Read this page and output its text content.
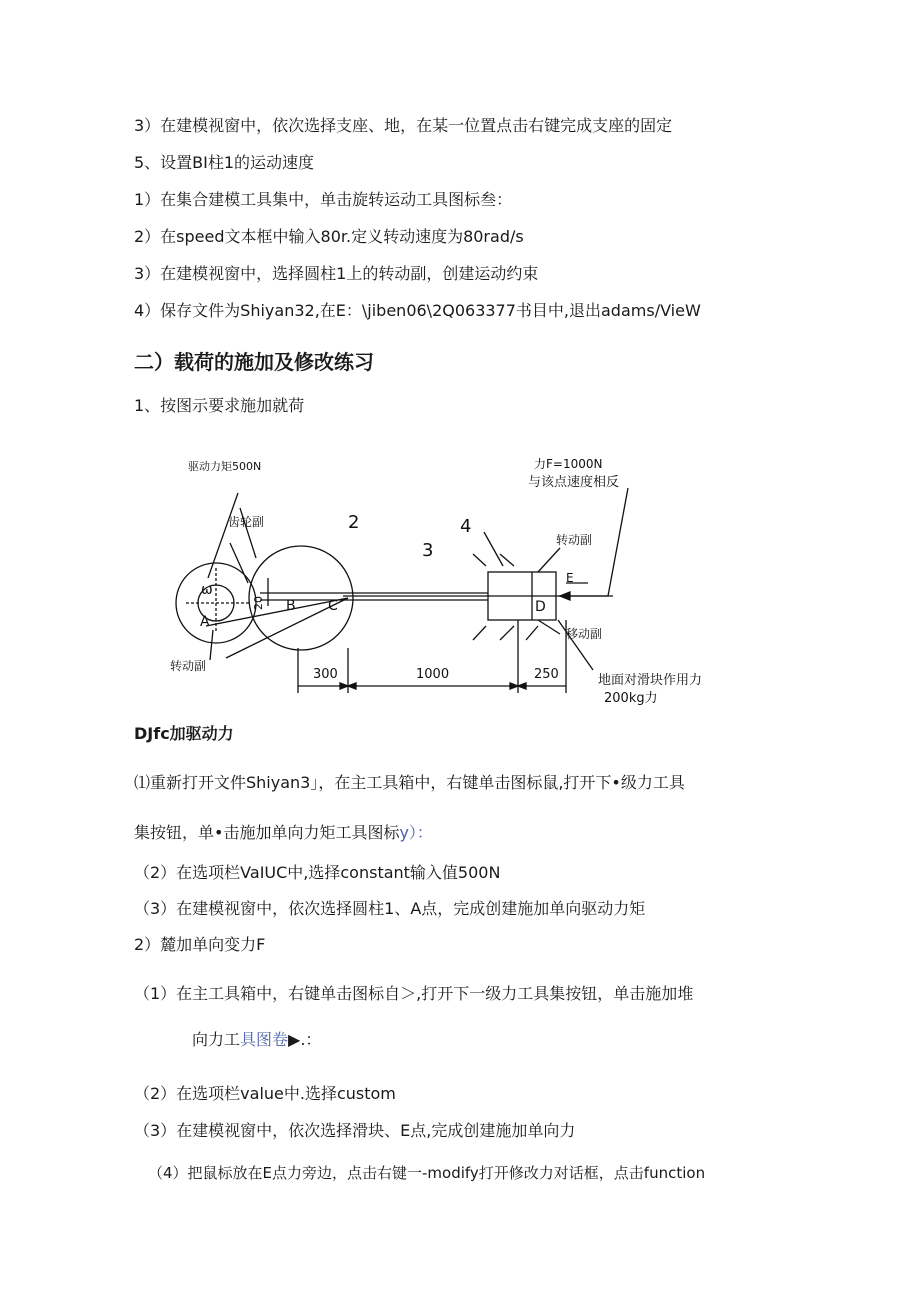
3）在建模视窗中，依次选择支座、地，在某一位置点击右键完成支座的固定
5、设置BI柱1的运动速度
1）在集合建模工具集中，单击旋转运动工具图标叁：
2）在speed文本框中输入80r.定义转动速度为80rad∕s
3）在建模视窗中，选择圆柱1上的转动副，创建运动约束
4）保存文件为Shiyan32,在E：\jiben06\2Q063377书目中,退出adams∕VieW
二）载荷的施加及修改练习
1、按图示要求施加就荷
驱动力矩500N
齿轮副
转动副
力F=1000N
与该点速度相反
转动副
移动副
地面对滑块作用力
200kg力
2
3
4
20
300	1000	250
A
B C	D
E
ω
DJfc加驱动力
⑴重新打开文件Shiyan3」，在主工具箱中，右键单击图标鼠,打开下•级力工具
集按钮，单•击施加单向力矩工具图标y）：
（2）在选项栏VaIUC中,选择constant输入值500N
（3）在建模视窗中，依次选择圆柱1、A点，完成创建施加单向驱动力矩
2）麓加单向变力F
（1）在主工具箱中，右键单击图标自＞,打开下一级力工具集按钮，单击施加堆
向力工具图卷▶.：
（2）在选项栏value中.选择custom
（3）在建模视窗中，依次选择滑块、E点,完成创建施加单向力
（4）把鼠标放在E点力旁边，点击右键一-modify打开修改力对话框，点击function
